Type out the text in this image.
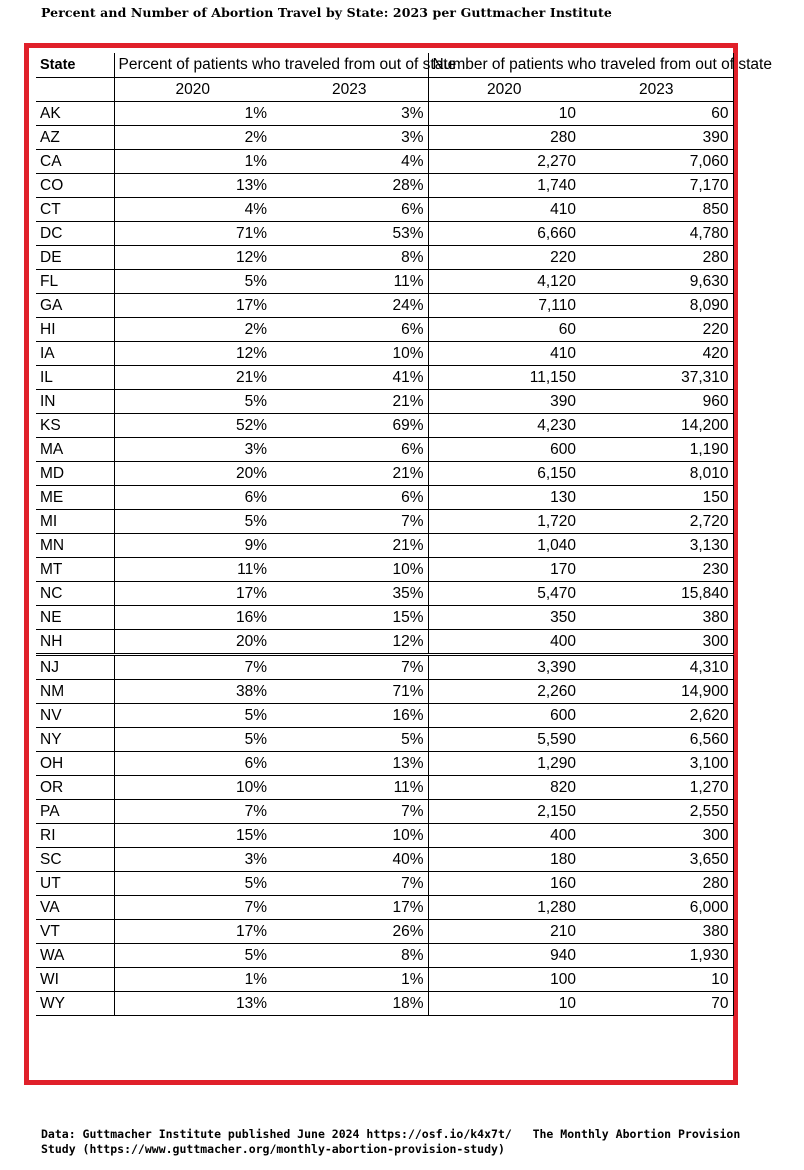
Percent and Number of Abortion Travel by State: 2023 per Guttmacher Institute
State	Percent of patients who traveled from out of state		Number of patients who traveled from out of state	
	2020	2023	2020	2023
AK	1%	3%	10	60
AZ	2%	3%	280	390
CA	1%	4%	2,270	7,060
CO	13%	28%	1,740	7,170
CT	4%	6%	410	850
DC	71%	53%	6,660	4,780
DE	12%	8%	220	280
FL	5%	11%	4,120	9,630
GA	17%	24%	7,110	8,090
HI	2%	6%	60	220
IA	12%	10%	410	420
IL	21%	41%	11,150	37,310
IN	5%	21%	390	960
KS	52%	69%	4,230	14,200
MA	3%	6%	600	1,190
MD	20%	21%	6,150	8,010
ME	6%	6%	130	150
MI	5%	7%	1,720	2,720
MN	9%	21%	1,040	3,130
MT	11%	10%	170	230
NC	17%	35%	5,470	15,840
NE	16%	15%	350	380
NH	20%	12%	400	300
NJ	7%	7%	3,390	4,310
NM	38%	71%	2,260	14,900
NV	5%	16%	600	2,620
NY	5%	5%	5,590	6,560
OH	6%	13%	1,290	3,100
OR	10%	11%	820	1,270
PA	7%	7%	2,150	2,550
RI	15%	10%	400	300
SC	3%	40%	180	3,650
UT	5%	7%	160	280
VA	7%	17%	1,280	6,000
VT	17%	26%	210	380
WA	5%	8%	940	1,930
WI	1%	1%	100	10
WY	13%	18%	10	70
Data: Guttmacher Institute published June 2024 https://osf.io/k4x7t/   The Monthly Abortion Provision
Study (https://www.guttmacher.org/monthly-abortion-provision-study)
